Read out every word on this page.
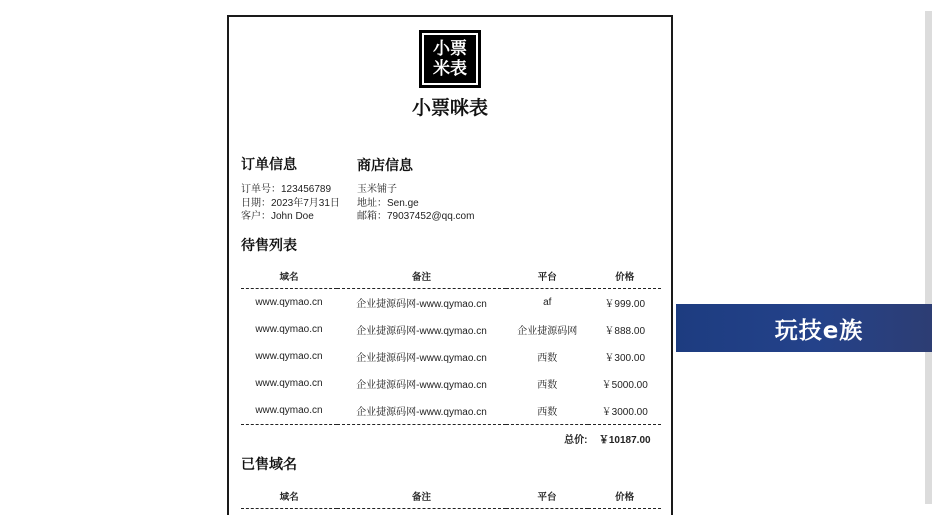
小票
米表
小票咪表
订单信息	商店信息
订单号：123456789
日期：2023年7月31日
客户：John Doe
玉米铺子
地址：Sen.ge
邮箱：79037452@qq.com
待售列表
域名	备注	平台	价格
www.qymao.cn	企业捷源码网-www.qymao.cn	af	￥999.00
www.qymao.cn	企业捷源码网-www.qymao.cn	企业捷源码网	￥888.00
www.qymao.cn	企业捷源码网-www.qymao.cn	西数	￥300.00
www.qymao.cn	企业捷源码网-www.qymao.cn	西数	￥5000.00
www.qymao.cn	企业捷源码网-www.qymao.cn	西数	￥3000.00
		总价:	￥10187.00
已售域名
域名	备注	平台	价格
玩技e族
